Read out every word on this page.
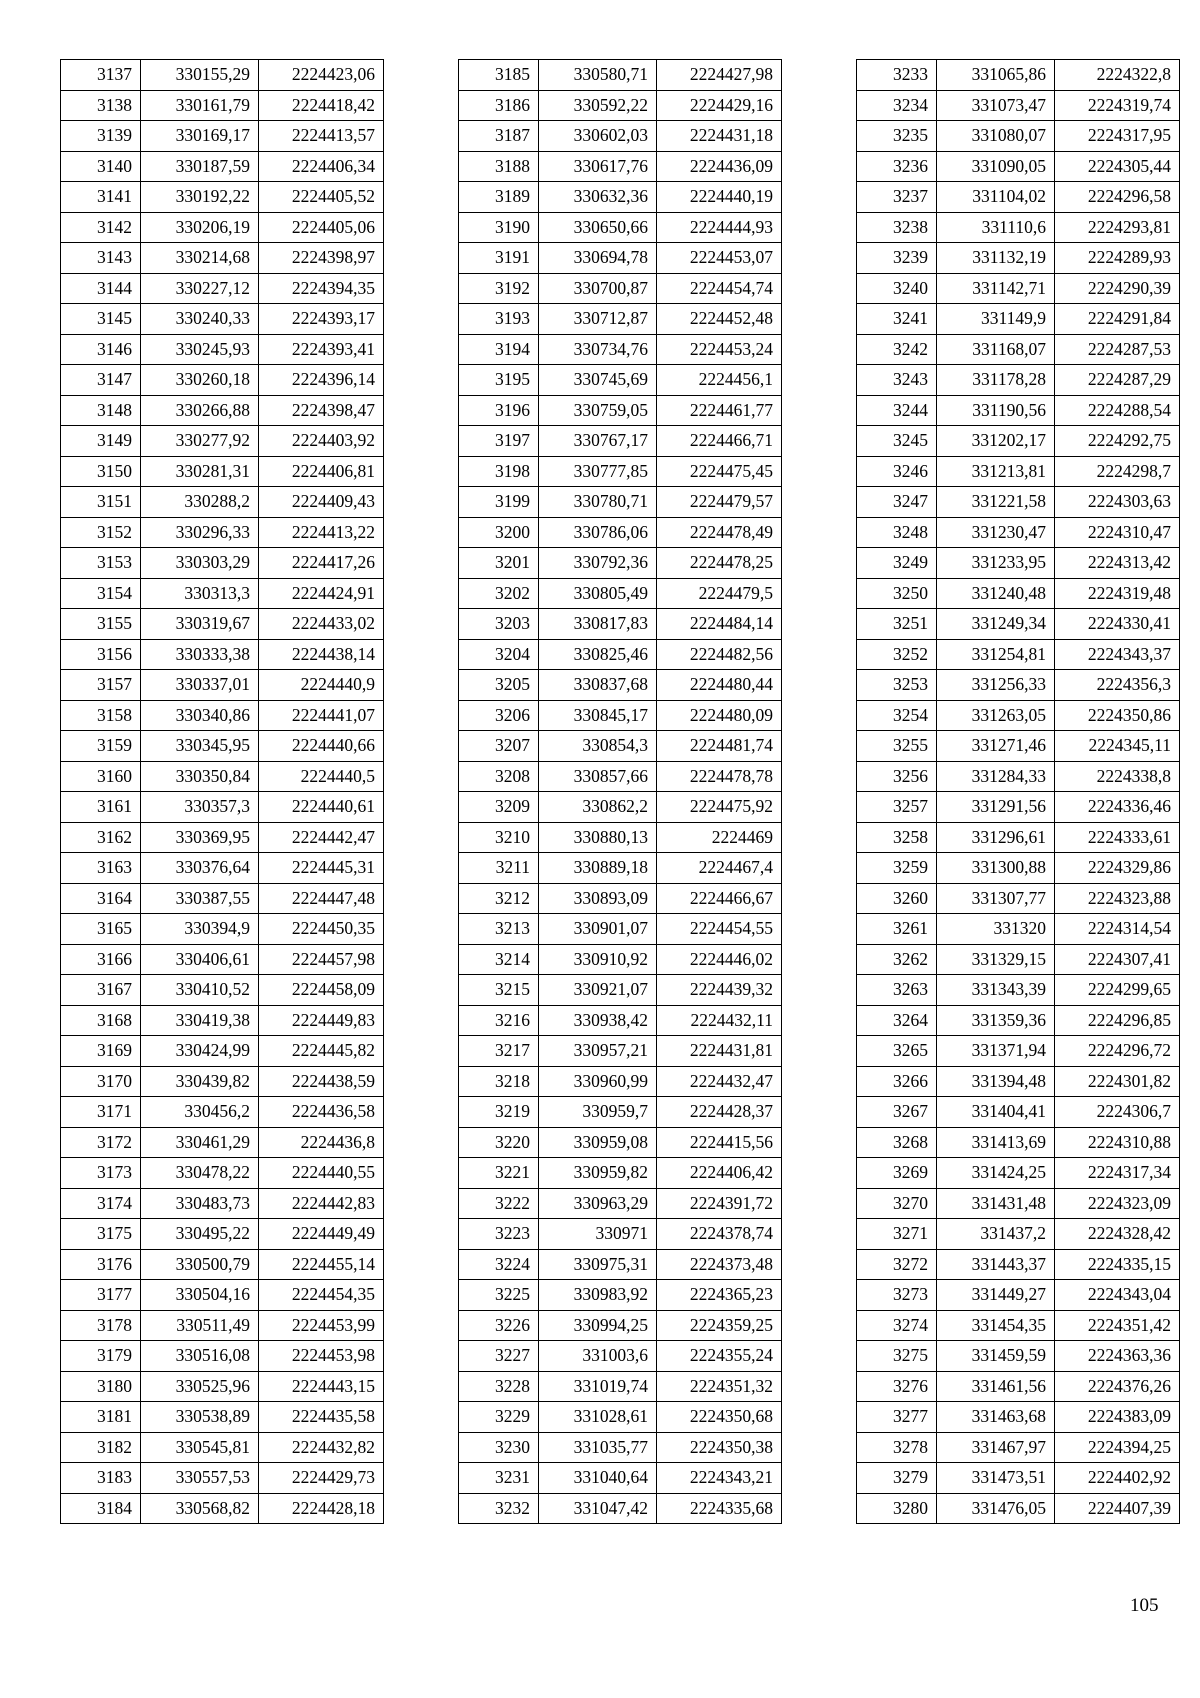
3137	330155,29	2224423,06
3138	330161,79	2224418,42
3139	330169,17	2224413,57
3140	330187,59	2224406,34
3141	330192,22	2224405,52
3142	330206,19	2224405,06
3143	330214,68	2224398,97
3144	330227,12	2224394,35
3145	330240,33	2224393,17
3146	330245,93	2224393,41
3147	330260,18	2224396,14
3148	330266,88	2224398,47
3149	330277,92	2224403,92
3150	330281,31	2224406,81
3151	330288,2	2224409,43
3152	330296,33	2224413,22
3153	330303,29	2224417,26
3154	330313,3	2224424,91
3155	330319,67	2224433,02
3156	330333,38	2224438,14
3157	330337,01	2224440,9
3158	330340,86	2224441,07
3159	330345,95	2224440,66
3160	330350,84	2224440,5
3161	330357,3	2224440,61
3162	330369,95	2224442,47
3163	330376,64	2224445,31
3164	330387,55	2224447,48
3165	330394,9	2224450,35
3166	330406,61	2224457,98
3167	330410,52	2224458,09
3168	330419,38	2224449,83
3169	330424,99	2224445,82
3170	330439,82	2224438,59
3171	330456,2	2224436,58
3172	330461,29	2224436,8
3173	330478,22	2224440,55
3174	330483,73	2224442,83
3175	330495,22	2224449,49
3176	330500,79	2224455,14
3177	330504,16	2224454,35
3178	330511,49	2224453,99
3179	330516,08	2224453,98
3180	330525,96	2224443,15
3181	330538,89	2224435,58
3182	330545,81	2224432,82
3183	330557,53	2224429,73
3184	330568,82	2224428,18
3185	330580,71	2224427,98
3186	330592,22	2224429,16
3187	330602,03	2224431,18
3188	330617,76	2224436,09
3189	330632,36	2224440,19
3190	330650,66	2224444,93
3191	330694,78	2224453,07
3192	330700,87	2224454,74
3193	330712,87	2224452,48
3194	330734,76	2224453,24
3195	330745,69	2224456,1
3196	330759,05	2224461,77
3197	330767,17	2224466,71
3198	330777,85	2224475,45
3199	330780,71	2224479,57
3200	330786,06	2224478,49
3201	330792,36	2224478,25
3202	330805,49	2224479,5
3203	330817,83	2224484,14
3204	330825,46	2224482,56
3205	330837,68	2224480,44
3206	330845,17	2224480,09
3207	330854,3	2224481,74
3208	330857,66	2224478,78
3209	330862,2	2224475,92
3210	330880,13	2224469
3211	330889,18	2224467,4
3212	330893,09	2224466,67
3213	330901,07	2224454,55
3214	330910,92	2224446,02
3215	330921,07	2224439,32
3216	330938,42	2224432,11
3217	330957,21	2224431,81
3218	330960,99	2224432,47
3219	330959,7	2224428,37
3220	330959,08	2224415,56
3221	330959,82	2224406,42
3222	330963,29	2224391,72
3223	330971	2224378,74
3224	330975,31	2224373,48
3225	330983,92	2224365,23
3226	330994,25	2224359,25
3227	331003,6	2224355,24
3228	331019,74	2224351,32
3229	331028,61	2224350,68
3230	331035,77	2224350,38
3231	331040,64	2224343,21
3232	331047,42	2224335,68
3233	331065,86	2224322,8
3234	331073,47	2224319,74
3235	331080,07	2224317,95
3236	331090,05	2224305,44
3237	331104,02	2224296,58
3238	331110,6	2224293,81
3239	331132,19	2224289,93
3240	331142,71	2224290,39
3241	331149,9	2224291,84
3242	331168,07	2224287,53
3243	331178,28	2224287,29
3244	331190,56	2224288,54
3245	331202,17	2224292,75
3246	331213,81	2224298,7
3247	331221,58	2224303,63
3248	331230,47	2224310,47
3249	331233,95	2224313,42
3250	331240,48	2224319,48
3251	331249,34	2224330,41
3252	331254,81	2224343,37
3253	331256,33	2224356,3
3254	331263,05	2224350,86
3255	331271,46	2224345,11
3256	331284,33	2224338,8
3257	331291,56	2224336,46
3258	331296,61	2224333,61
3259	331300,88	2224329,86
3260	331307,77	2224323,88
3261	331320	2224314,54
3262	331329,15	2224307,41
3263	331343,39	2224299,65
3264	331359,36	2224296,85
3265	331371,94	2224296,72
3266	331394,48	2224301,82
3267	331404,41	2224306,7
3268	331413,69	2224310,88
3269	331424,25	2224317,34
3270	331431,48	2224323,09
3271	331437,2	2224328,42
3272	331443,37	2224335,15
3273	331449,27	2224343,04
3274	331454,35	2224351,42
3275	331459,59	2224363,36
3276	331461,56	2224376,26
3277	331463,68	2224383,09
3278	331467,97	2224394,25
3279	331473,51	2224402,92
3280	331476,05	2224407,39
105
